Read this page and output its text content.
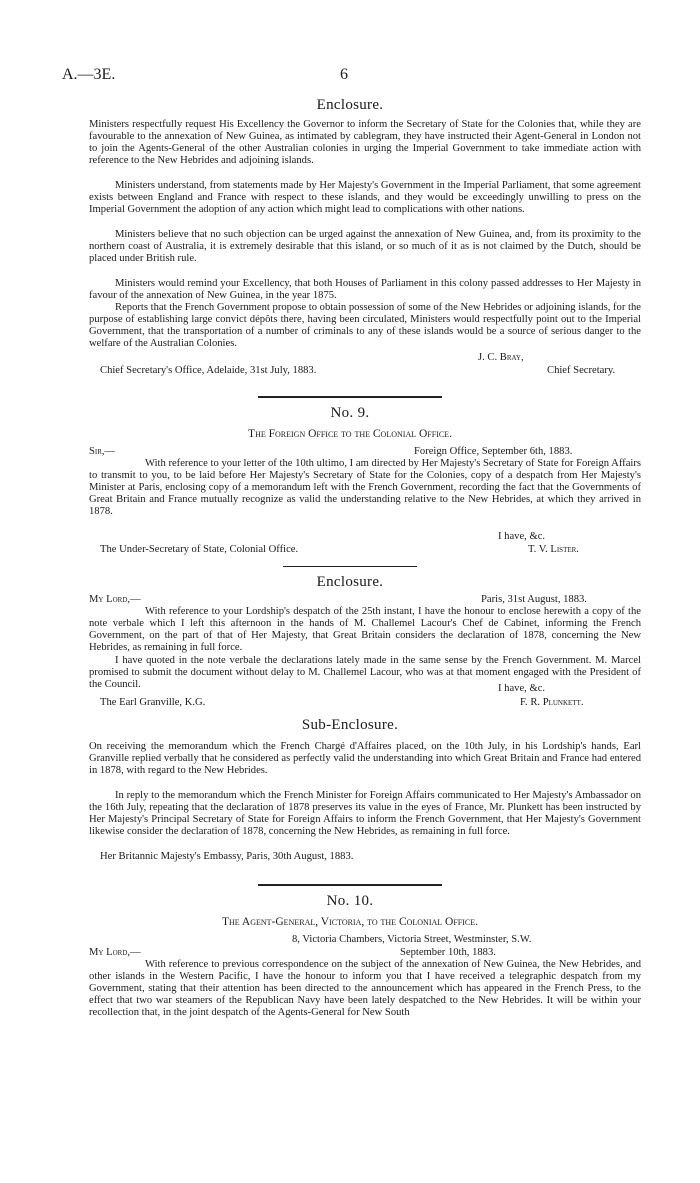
A.—3E.	6
Enclosure.

Ministers respectfully request His Excellency the Governor to inform the Secretary of State for the Colonies that, while they are favourable to the annexation of New Guinea, as intimated by cablegram, they have instructed their Agent-General in London not to join the Agents-General of the other Australian colonies in urging the Imperial Government to take immediate action with reference to the New Hebrides and adjoining islands.

Ministers understand, from statements made by Her Majesty's Government in the Imperial Parliament, that some agreement exists between England and France with respect to these islands, and they would be exceedingly unwilling to press on the Imperial Government the adoption of any action which might lead to complications with other nations.

Ministers believe that no such objection can be urged against the annexation of New Guinea, and, from its proximity to the northern coast of Australia, it is extremely desirable that this island, or so much of it as is not claimed by the Dutch, should be placed under British rule.

Ministers would remind your Excellency, that both Houses of Parliament in this colony passed addresses to Her Majesty in favour of the annexation of New Guinea, in the year 1875.

Reports that the French Government propose to obtain possession of some of the New Hebrides or adjoining islands, for the purpose of establishing large convict dépôts there, having been circulated, Ministers would respectfully point out to the Imperial Government, that the transportation of a number of criminals to any of these islands would be a source of serious danger to the welfare of the Australian Colonies.

J. C. Bray,
Chief Secretary's Office, Adelaide, 31st July, 1883.	Chief Secretary.
No. 9.
The Foreign Office to the Colonial Office.
Sir,—	Foreign Office, September 6th, 1883.

With reference to your letter of the 10th ultimo, I am directed by Her Majesty's Secretary of State for Foreign Affairs to transmit to you, to be laid before Her Majesty's Secretary of State for the Colonies, copy of a despatch from Her Majesty's Minister at Paris, enclosing copy of a memorandum left with the French Government, recording the fact that the Governments of Great Britain and France mutually recognize as valid the understanding relative to the New Hebrides, at which they arrived in 1878.

I have, &c.
The Under-Secretary of State, Colonial Office.	T. V. Lister.
Enclosure.
My Lord,—	Paris, 31st August, 1883.

With reference to your Lordship's despatch of the 25th instant, I have the honour to enclose herewith a copy of the note verbale which I left this afternoon in the hands of M. Challemel Lacour's Chef de Cabinet, informing the French Government, on the part of that of Her Majesty, that Great Britain considers the declaration of 1878, concerning the New Hebrides, as remaining in full force.

I have quoted in the note verbale the declarations lately made in the same sense by the French Government. M. Marcel promised to submit the document without delay to M. Challemel Lacour, who was at that moment engaged with the President of the Council.	I have, &c.
The Earl Granville, K.G.	F. R. Plunkett.
Sub-Enclosure.

On receiving the memorandum which the French Chargé d'Affaires placed, on the 10th July, in his Lordship's hands, Earl Granville replied verbally that he considered as perfectly valid the understanding into which Great Britain and France had entered in 1878, with regard to the New Hebrides.

In reply to the memorandum which the French Minister for Foreign Affairs communicated to Her Majesty's Ambassador on the 16th July, repeating that the declaration of 1878 preserves its value in the eyes of France, Mr. Plunkett has been instructed by Her Majesty's Principal Secretary of State for Foreign Affairs to inform the French Government, that Her Majesty's Government likewise consider the declaration of 1878, concerning the New Hebrides, as remaining in full force.

Her Britannic Majesty's Embassy, Paris, 30th August, 1883.
No. 10.
The Agent-General, Victoria, to the Colonial Office.
8, Victoria Chambers, Victoria Street, Westminster, S.W.
My Lord,—	September 10th, 1883.

With reference to previous correspondence on the subject of the annexation of New Guinea, the New Hebrides, and other islands in the Western Pacific, I have the honour to inform you that I have received a telegraphic despatch from my Government, stating that their attention has been directed to the announcement which has appeared in the French Press, to the effect that two war steamers of the Republican Navy have been lately despatched to the New Hebrides. It will be within your recollection that, in the joint despatch of the Agents-General for New South
